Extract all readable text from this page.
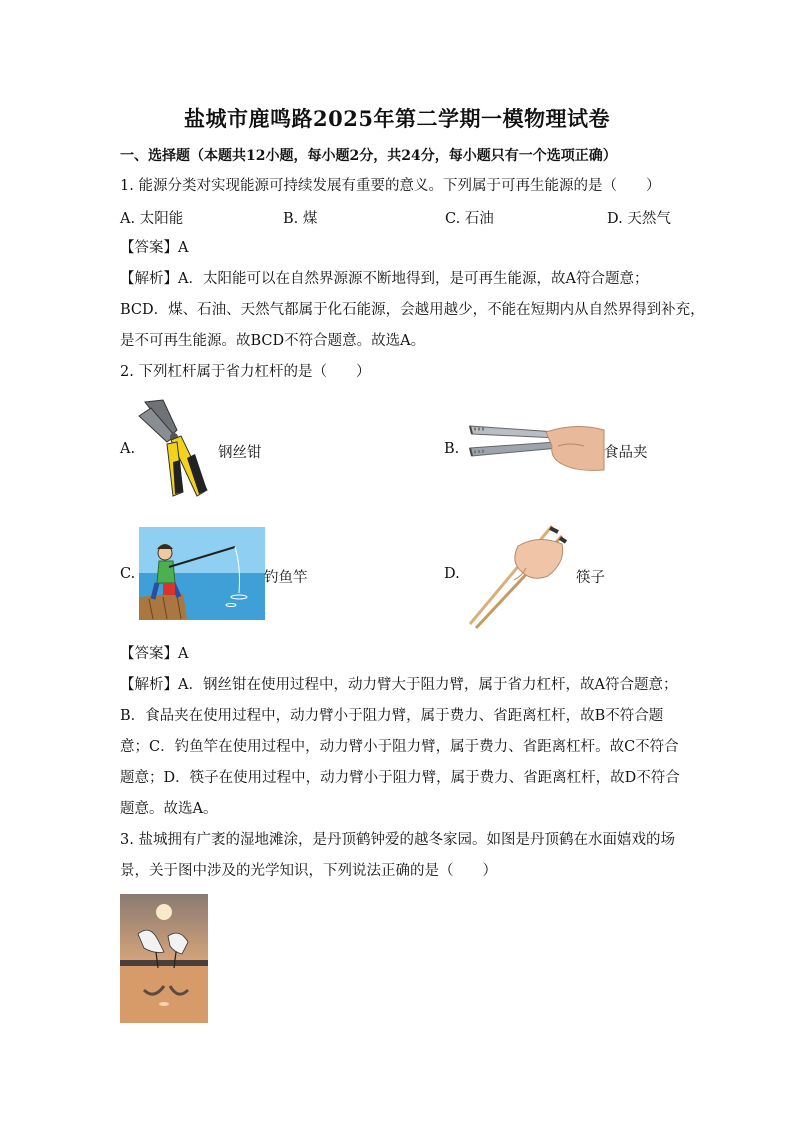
盐城市鹿鸣路2025年第二学期一模物理试卷
一、选择题（本题共12小题，每小题2分，共24分，每小题只有一个选项正确）
1. 能源分类对实现能源可持续发展有重要的意义。下列属于可再生能源的是（　　）
A. 太阳能	B. 煤	C. 石油	D. 天然气
【答案】A
【解析】A．太阳能可以在自然界源源不断地得到，是可再生能源，故A符合题意；
BCD．煤、石油、天然气都属于化石能源，会越用越少，不能在短期内从自然界得到补充，
是不可再生能源。故BCD不符合题意。故选A。
2. 下列杠杆属于省力杠杆的是（　　）
A.	钢丝钳	B.	食品夹
C.	钓鱼竿	D.	筷子
【答案】A
【解析】A．钢丝钳在使用过程中，动力臂大于阻力臂，属于省力杠杆，故A符合题意；
B．食品夹在使用过程中，动力臂小于阻力臂，属于费力、省距离杠杆，故B不符合题
意；C．钓鱼竿在使用过程中，动力臂小于阻力臂，属于费力、省距离杠杆。故C不符合
题意；D．筷子在使用过程中，动力臂小于阻力臂，属于费力、省距离杠杆，故D不符合
题意。故选A。
3. 盐城拥有广袤的湿地滩涂，是丹顶鹤钟爱的越冬家园。如图是丹顶鹤在水面嬉戏的场
景，关于图中涉及的光学知识，下列说法正确的是（　　）
